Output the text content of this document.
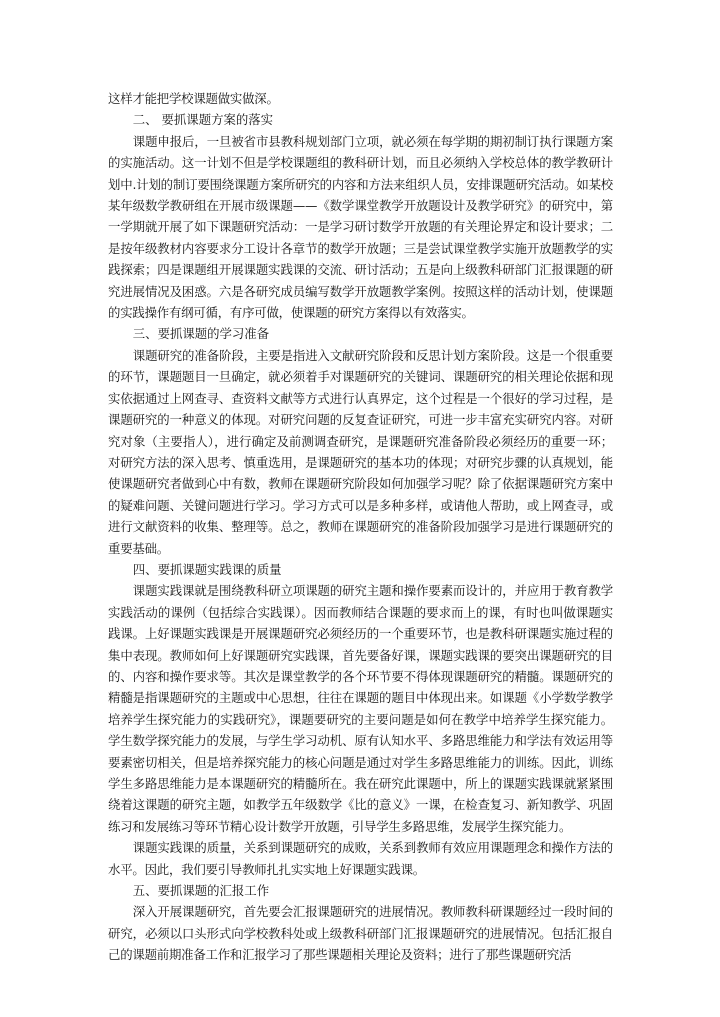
这样才能把学校课题做实做深。

二、 要抓课题方案的落实

课题申报后，一旦被省市县教科规划部门立项，就必须在每学期的期初制订执行课题方案的实施活动。这一计划不但是学校课题组的教科研计划，而且必须纳入学校总体的教学教研计划中.计划的制订要围绕课题方案所研究的内容和方法来组织人员，安排课题研究活动。如某校某年级数学教研组在开展市级课题——《数学课堂教学开放题设计及教学研究》的研究中，第一学期就开展了如下课题研究活动：一是学习研讨数学开放题的有关理论界定和设计要求；二是按年级教材内容要求分工设计各章节的数学开放题；三是尝试课堂教学实施开放题教学的实践探索；四是课题组开展课题实践课的交流、研讨活动；五是向上级教科研部门汇报课题的研究进展情况及困惑。六是各研究成员编写数学开放题教学案例。按照这样的活动计划，使课题的实践操作有纲可循，有序可做，使课题的研究方案得以有效落实。

三、要抓课题的学习准备

课题研究的准备阶段，主要是指进入文献研究阶段和反思计划方案阶段。这是一个很重要的环节，课题题目一旦确定，就必须着手对课题研究的关键词、课题研究的相关理论依据和现实依据通过上网查寻、查资料文献等方式进行认真界定，这个过程是一个很好的学习过程，是课题研究的一种意义的体现。对研究问题的反复查证研究，可进一步丰富充实研究内容。对研究对象（主要指人），进行确定及前测调查研究，是课题研究准备阶段必须经历的重要一环；对研究方法的深入思考、慎重选用，是课题研究的基本功的体现；对研究步骤的认真规划，能使课题研究者做到心中有数，教师在课题研究阶段如何加强学习呢？除了依据课题研究方案中的疑难问题、关键问题进行学习。学习方式可以是多种多样，或请他人帮助，或上网查寻，或进行文献资料的收集、整理等。总之，教师在课题研究的准备阶段加强学习是进行课题研究的重要基础。

四、要抓课题实践课的质量

课题实践课就是围绕教科研立项课题的研究主题和操作要素而设计的，并应用于教育教学实践活动的课例（包括综合实践课）。因而教师结合课题的要求而上的课，有时也叫做课题实践课。上好课题实践课是开展课题研究必须经历的一个重要环节，也是教科研课题实施过程的集中表现。教师如何上好课题研究实践课，首先要备好课，课题实践课的要突出课题研究的目的、内容和操作要求等。其次是课堂教学的各个环节要不得体现课题研究的精髓。课题研究的精髓是指课题研究的主题或中心思想，往往在课题的题目中体现出来。如课题《小学数学教学培养学生探究能力的实践研究》，课题要研究的主要问题是如何在教学中培养学生探究能力。学生数学探究能力的发展，与学生学习动机、原有认知水平、多路思维能力和学法有效运用等要素密切相关，但是培养探究能力的核心问题是通过对学生多路思维能力的训练。因此，训练学生多路思维能力是本课题研究的精髓所在。我在研究此课题中，所上的课题实践课就紧紧围绕着这课题的研究主题，如教学五年级数学《比的意义》一课，在检查复习、新知教学、巩固练习和发展练习等环节精心设计数学开放题，引导学生多路思维，发展学生探究能力。

课题实践课的质量，关系到课题研究的成败，关系到教师有效应用课题理念和操作方法的水平。因此，我们要引导教师扎扎实实地上好课题实践课。

五、要抓课题的汇报工作

深入开展课题研究，首先要会汇报课题研究的进展情况。教师教科研课题经过一段时间的研究，必须以口头形式向学校教科处或上级教科研部门汇报课题研究的进展情况。包括汇报自己的课题前期准备工作和汇报学习了那些课题相关理论及资料；进行了那些课题研究活
